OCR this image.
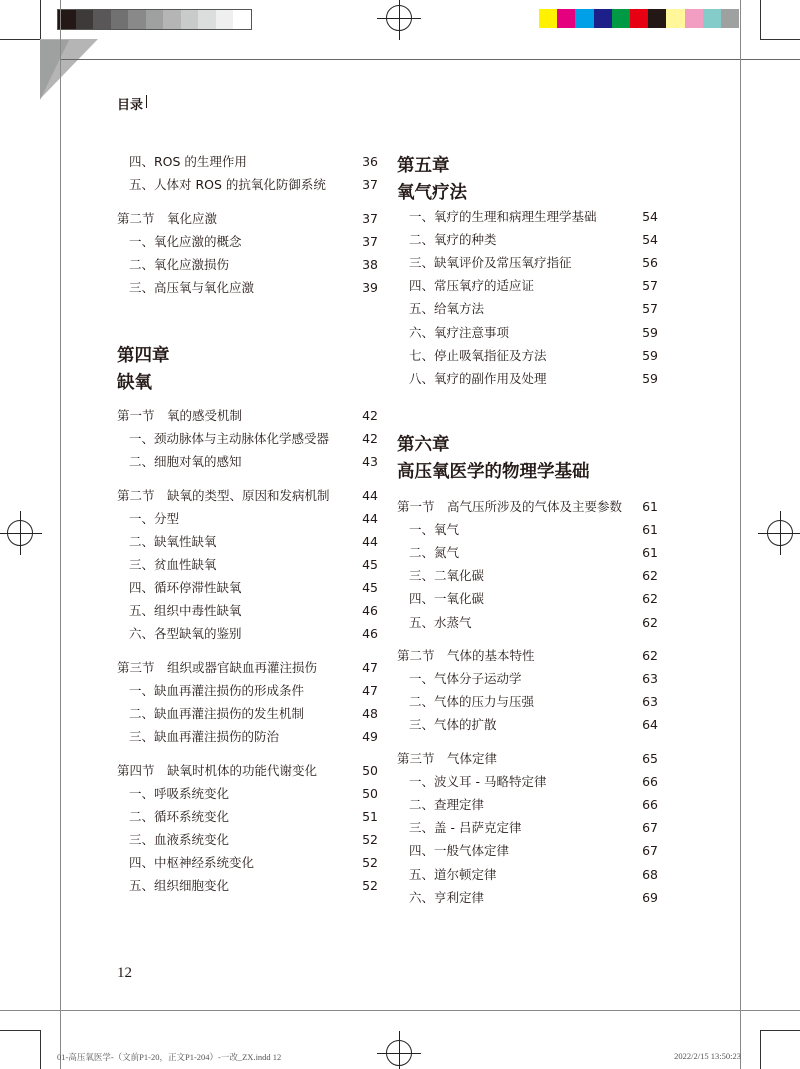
目录
四、ROS 的生理作用	36
五、人体对 ROS 的抗氧化防御系统	37
第二节　氧化应激	37
一、氧化应激的概念	37
二、氧化应激损伤	38
三、高压氧与氧化应激	39
第四章
缺氧
第一节　氧的感受机制	42
一、颈动脉体与主动脉体化学感受器	42
二、细胞对氧的感知	43
第二节　缺氧的类型、原因和发病机制	44
一、分型	44
二、缺氧性缺氧	44
三、贫血性缺氧	45
四、循环停滞性缺氧	45
五、组织中毒性缺氧	46
六、各型缺氧的鉴别	46
第三节　组织或器官缺血再灌注损伤	47
一、缺血再灌注损伤的形成条件	47
二、缺血再灌注损伤的发生机制	48
三、缺血再灌注损伤的防治	49
第四节　缺氧时机体的功能代谢变化	50
一、呼吸系统变化	50
二、循环系统变化	51
三、血液系统变化	52
四、中枢神经系统变化	52
五、组织细胞变化	52
第五章
氧气疗法
一、氧疗的生理和病理生理学基础	54
二、氧疗的种类	54
三、缺氧评价及常压氧疗指征	56
四、常压氧疗的适应证	57
五、给氧方法	57
六、氧疗注意事项	59
七、停止吸氧指征及方法	59
八、氧疗的副作用及处理	59
第六章
高压氧医学的物理学基础
第一节　高气压所涉及的气体及主要参数 61
一、氧气	61
二、氮气	61
三、二氧化碳	62
四、一氧化碳	62
五、水蒸气	62
第二节　气体的基本特性	62
一、气体分子运动学	63
二、气体的压力与压强	63
三、气体的扩散	64
第三节　气体定律	65
一、波义耳 - 马略特定律	66
二、查理定律	66
三、盖 - 吕萨克定律	67
四、一般气体定律	67
五、道尔顿定律	68
六、亨利定律	69
12
01-高压氧医学-（文前P1-20，正文P1-204）-一改_ZX.indd 12	2022/2/15 13:50:23
